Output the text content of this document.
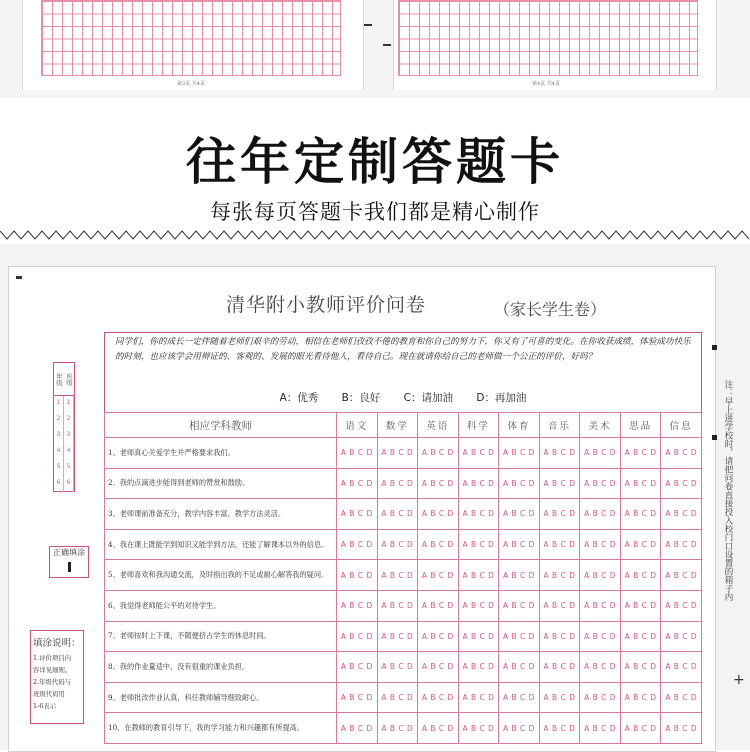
第3页 共4页	第4页 共4页
往年定制答题卡
每张每页答题卡我们都是精心制作
清华附小教师评价问卷	（家长学生卷）
同学们，你的成长一定伴随着老师们艰辛的劳动，相信在老师们孜孜不倦的教育和你自己的努力下，你又有了可喜的变化。在你收获成绩，体验成功快乐的时刻，也应该学会用辩证的、客观的、发展的眼光看待他人，看待自己。现在就请你给自己的老师做一个公正的评价，好吗？
A：优秀 B：良好 C：请加油 D：再加油
相应学科教师	语文	数学	英语	科学	体育	音乐	美术	思品	信息
1、老师真心关爱学生并严格要求我们。	A B C D	A B C D	A B C D	A B C D	A B C D	A B C D	A B C D	A B C D	A B C D
2、我的点滴进步能得到老师的赞赏和鼓励。	A B C D	A B C D	A B C D	A B C D	A B C D	A B C D	A B C D	A B C D	A B C D
3、老师课前准备充分，教学内容丰富，教学方法灵活。	A B C D	A B C D	A B C D	A B C D	A B C D	A B C D	A B C D	A B C D	A B C D
4、我在课上既能学到知识又能学到方法，还能了解课本以外的信息。	A B C D	A B C D	A B C D	A B C D	A B C D	A B C D	A B C D	A B C D	A B C D
5、老师喜欢和我沟通交流，及时指出我的不足或耐心解答我的疑问。	A B C D	A B C D	A B C D	A B C D	A B C D	A B C D	A B C D	A B C D	A B C D
6、我觉得老师能公平的对待学生。	A B C D	A B C D	A B C D	A B C D	A B C D	A B C D	A B C D	A B C D	A B C D
7、老师按时上下课，不随便挤占学生的休息时间。	A B C D	A B C D	A B C D	A B C D	A B C D	A B C D	A B C D	A B C D	A B C D
8、我的作业量适中，没有很重的课业负担。	A B C D	A B C D	A B C D	A B C D	A B C D	A B C D	A B C D	A B C D	A B C D
9、老师批改作业认真，科任教师辅导细致耐心。	A B C D	A B C D	A B C D	A B C D	A B C D	A B C D	A B C D	A B C D	A B C D
10、在教师的教育引导下，我的学习能力和兴趣都有所提高。	A B C D	A B C D	A B C D	A B C D	A B C D	A B C D	A B C D	A B C D	A B C D
年级 班级
1	1
2	2
3	3
4	4
5	5
6	6
正确填涂
填涂说明：
1.评价项目内
容详见细则。
2.年级代码与
班级代码用
1-6表示
注：早上进学校时，请把问卷直接投入校门口设置的箱子内
+
